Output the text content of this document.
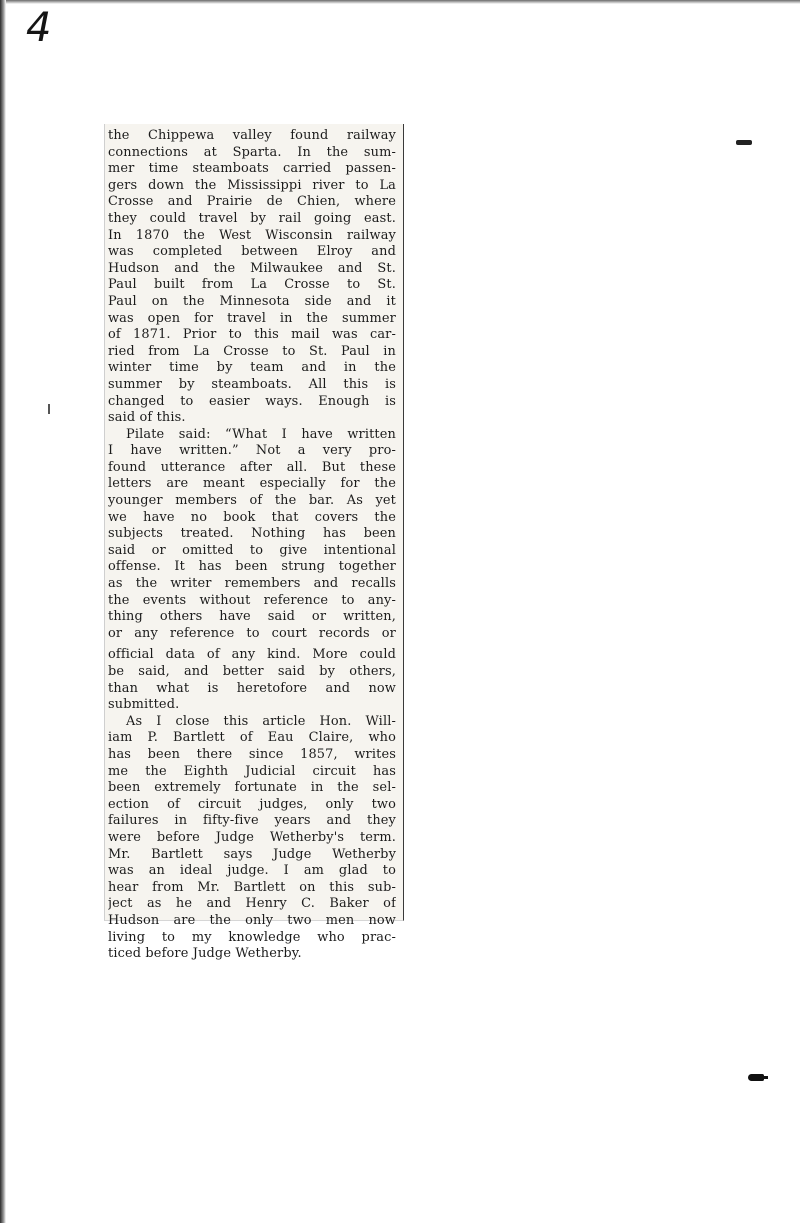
4
the Chippewa valley found railway
connections at Sparta. In the sum-
mer time steamboats carried passen-
gers down the Mississippi river to La
Crosse and Prairie de Chien, where
they could travel by rail going east.
In 1870 the West Wisconsin railway
was completed between Elroy and
Hudson and the Milwaukee and St.
Paul built from La Crosse to St.
Paul on the Minnesota side and it
was open for travel in the summer
of 1871. Prior to this mail was car-
ried from La Crosse to St. Paul in
winter time by team and in the
summer by steamboats. All this is
changed to easier ways. Enough is
said of this.
Pilate said: “What I have written
I have written.” Not a very pro-
found utterance after all. But these
letters are meant especially for the
younger members of the bar. As yet
we have no book that covers the
subjects treated. Nothing has been
said or omitted to give intentional
offense. It has been strung together
as the writer remembers and recalls
the events without reference to any-
thing others have said or written,
or any reference to court records or
official data of any kind. More could
be said, and better said by others,
than what is heretofore and now
submitted.
As I close this article Hon. Will-
iam P. Bartlett of Eau Claire, who
has been there since 1857, writes
me the Eighth Judicial circuit has
been extremely fortunate in the sel-
ection of circuit judges, only two
failures in fifty-five years and they
were before Judge Wetherby's term.
Mr. Bartlett says Judge Wetherby
was an ideal judge. I am glad to
hear from Mr. Bartlett on this sub-
ject as he and Henry C. Baker of
Hudson are the only two men now
living to my knowledge who prac-
ticed before Judge Wetherby.
